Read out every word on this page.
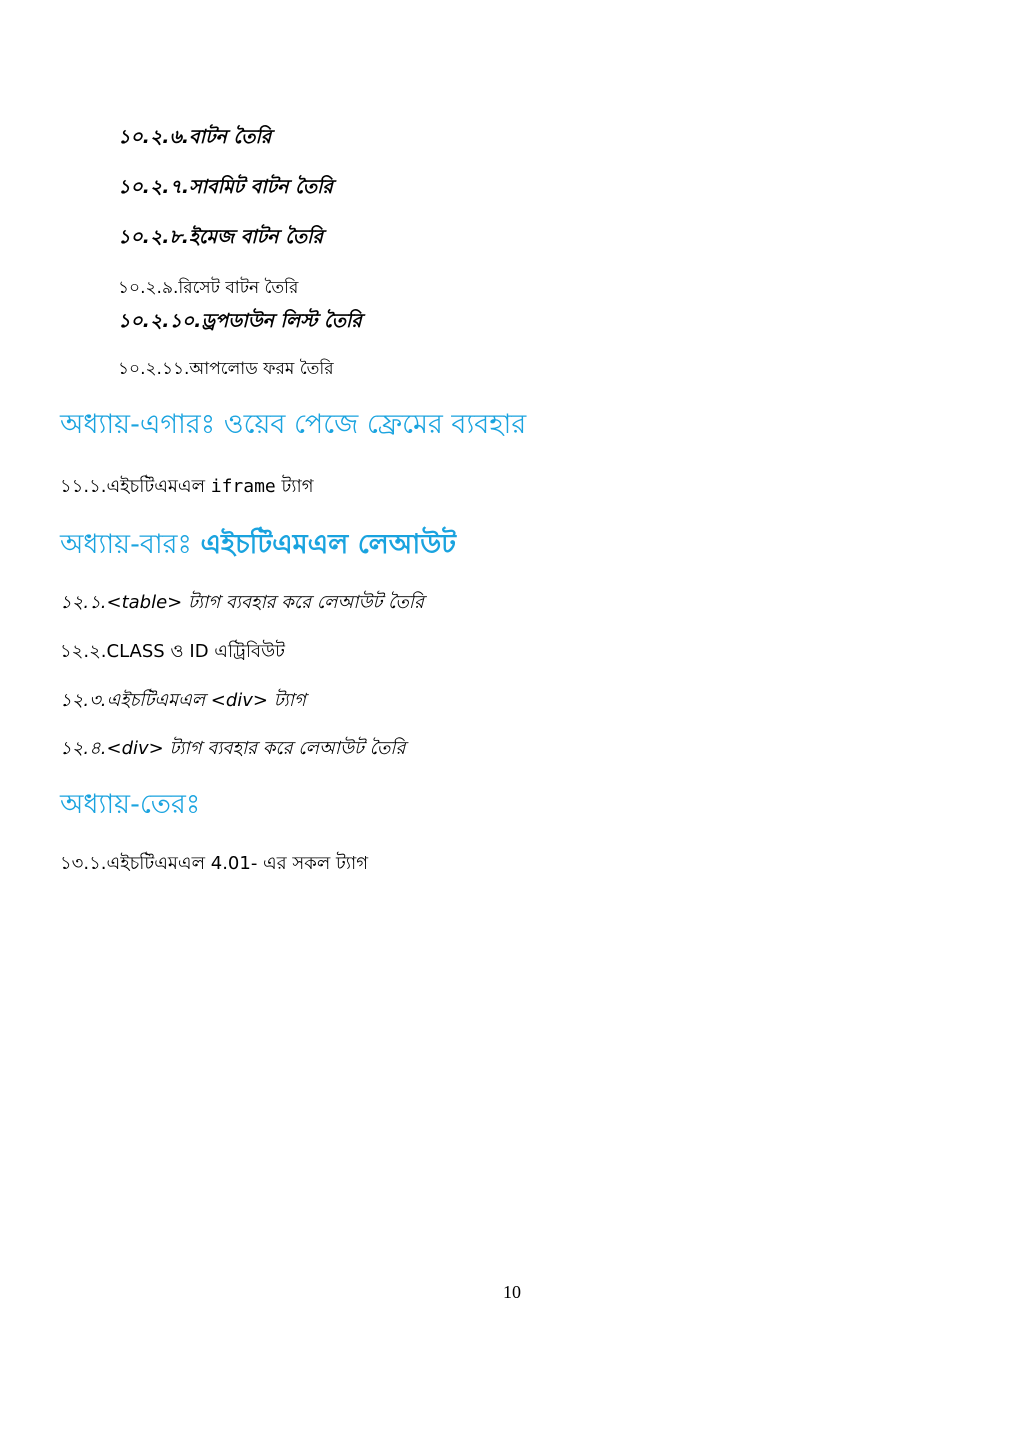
১০.২.৬.বাটন তৈরি
১০.২.৭.সাবমিট বাটন তৈরি
১০.২.৮.ইমেজ বাটন তৈরি
১০.২.৯.রিসেট বাটন তৈরি
১০.২.১০.ড্রপডাউন লিস্ট তৈরি
১০.২.১১.আপলোড ফরম তৈরি
অধ্যায়-এগারঃ ওয়েব পেজে ফ্রেমের ব্যবহার
১১.১.এইচটিএমএল iframe ট্যাগ
অধ্যায়-বারঃ এইচটিএমএল লেআউট
১২.১.<table> ট্যাগ ব্যবহার করে লেআউট তৈরি
১২.২.CLASS ও ID এট্রিবিউট
১২.৩.এইচটিএমএল <div> ট্যাগ
১২.৪.<div> ট্যাগ ব্যবহার করে লেআউট তৈরি
অধ্যায়-তেরঃ
১৩.১.এইচটিএমএল 4.01- এর সকল ট্যাগ
10
